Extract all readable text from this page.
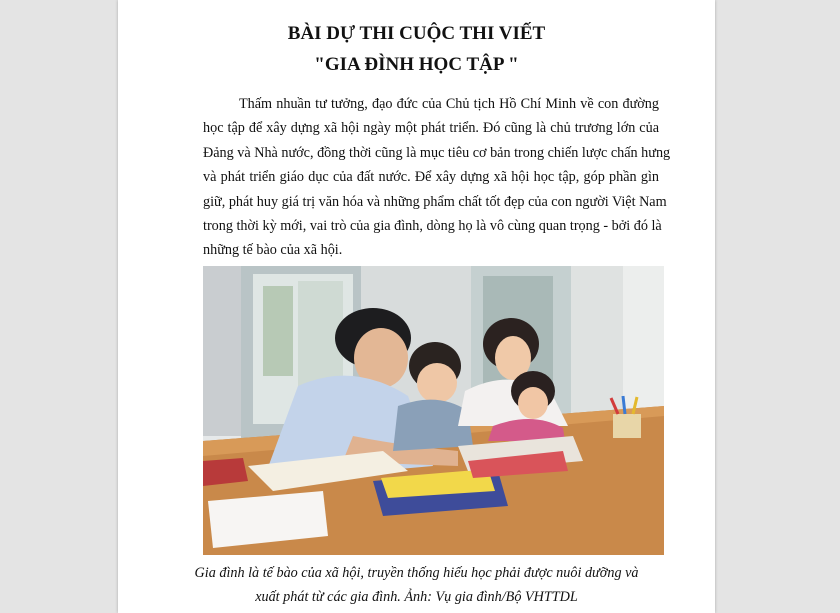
BÀI DỰ THI CUỘC THI VIẾT
"GIA ĐÌNH HỌC TẬP "

Thấm nhuần tư tưởng, đạo đức của Chủ tịch Hồ Chí Minh về con đường
học tập để xây dựng xã hội ngày một phát triển. Đó cũng là chủ trương lớn của
Đảng và Nhà nước, đồng thời cũng là mục tiêu cơ bản trong chiến lược chấn hưng
và phát triển giáo dục của đất nước. Để xây dựng xã hội học tập, góp phần gìn
giữ, phát huy giá trị văn hóa và những phẩm chất tốt đẹp của con người Việt Nam
trong thời kỳ mới, vai trò của gia đình, dòng họ là vô cùng quan trọng - bởi đó là
những tế bào của xã hội.

Gia đình là tế bào của xã hội, truyền thống hiếu học phải được nuôi dưỡng và
xuất phát từ các gia đình. Ảnh: Vụ gia đình/Bộ VHTTDL
